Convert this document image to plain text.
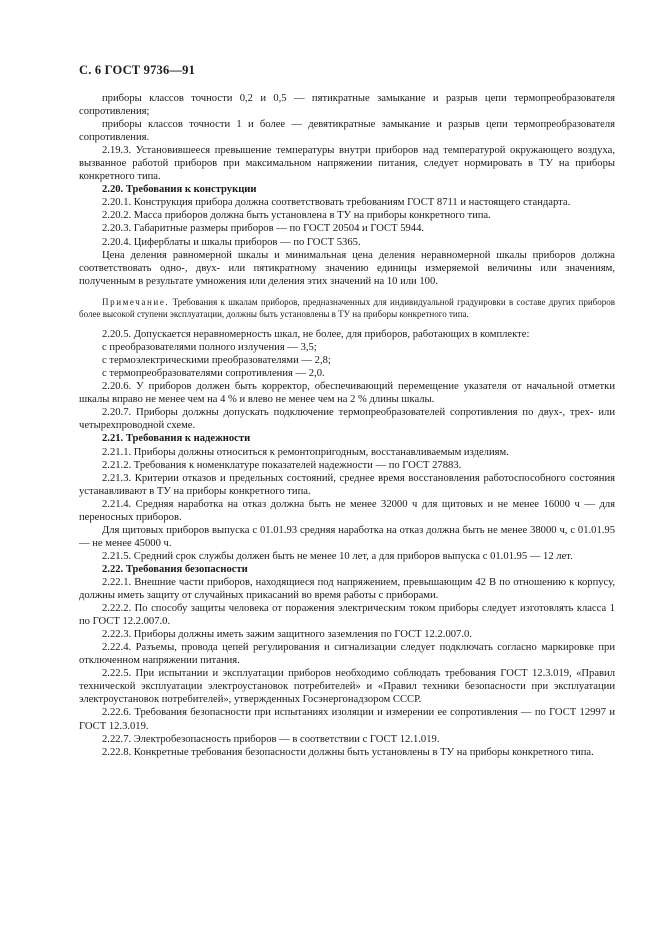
С. 6 ГОСТ 9736—91

приборы классов точности 0,2 и 0,5 — пятикратные замыкание и разрыв цепи термопреобразователя сопротивления;

приборы классов точности 1 и более — девятикратные замыкание и разрыв цепи термопреобразователя сопротивления.

2.19.3. Установившееся превышение температуры внутри приборов над температурой окружающего воздуха, вызванное работой приборов при максимальном напряжении питания, следует нормировать в ТУ на приборы конкретного типа.

2.20. Требования к конструкции

2.20.1. Конструкция прибора должна соответствовать требованиям ГОСТ 8711 и настоящего стандарта.

2.20.2. Масса приборов должна быть установлена в ТУ на приборы конкретного типа.

2.20.3. Габаритные размеры приборов — по ГОСТ 20504 и ГОСТ 5944.

2.20.4. Циферблаты и шкалы приборов — по ГОСТ 5365.

Цена деления равномерной шкалы и минимальная цена деления неравномерной шкалы приборов должна соответствовать одно-, двух- или пятикратному значению единицы измеряемой величины или значениям, полученным в результате умножения или деления этих значений на 10 или 100.

Примечание. Требования к шкалам приборов, предназначенных для индивидуальной градуировки в составе других приборов более высокой ступени эксплуатации, должны быть установлены в ТУ на приборы конкретного типа.

2.20.5. Допускается неравномерность шкал, не более, для приборов, работающих в комплекте:

с преобразователями полного излучения — 3,5;

с термоэлектрическими преобразователями — 2,8;

с термопреобразователями сопротивления — 2,0.

2.20.6. У приборов должен быть корректор, обеспечивающий перемещение указателя от начальной отметки шкалы вправо не менее чем на 4 % и влево не менее чем на 2 % длины шкалы.

2.20.7. Приборы должны допускать подключение термопреобразователей сопротивления по двух-, трех- или четырехпроводной схеме.

2.21. Требования к надежности

2.21.1. Приборы должны относиться к ремонтопригодным, восстанавливаемым изделиям.

2.21.2. Требования к номенклатуре показателей надежности — по ГОСТ 27883.

2.21.3. Критерии отказов и предельных состояний, среднее время восстановления работоспособного состояния устанавливают в ТУ на приборы конкретного типа.

2.21.4. Средняя наработка на отказ должна быть не менее 32000 ч для щитовых и не менее 16000 ч — для переносных приборов.

Для щитовых приборов выпуска с 01.01.93 средняя наработка на отказ должна быть не менее 38000 ч, с 01.01.95 — не менее 45000 ч.

2.21.5. Средний срок службы должен быть не менее 10 лет, а для приборов выпуска с 01.01.95 — 12 лет.

2.22. Требования безопасности

2.22.1. Внешние части приборов, находящиеся под напряжением, превышающим 42 В по отношению к корпусу, должны иметь защиту от случайных прикасаний во время работы с приборами.

2.22.2. По способу защиты человека от поражения электрическим током приборы следует изготовлять класса 1 по ГОСТ 12.2.007.0.

2.22.3. Приборы должны иметь зажим защитного заземления по ГОСТ 12.2.007.0.

2.22.4. Разъемы, провода цепей регулирования и сигнализации следует подключать согласно маркировке при отключенном напряжении питания.

2.22.5. При испытании и эксплуатации приборов необходимо соблюдать требования ГОСТ 12.3.019, «Правил технической эксплуатации электроустановок потребителей» и «Правил техники безопасности при эксплуатации электроустановок потребителей», утвержденных Госэнергонадзором СССР.

2.22.6. Требования безопасности при испытаниях изоляции и измерении ее сопротивления — по ГОСТ 12997 и ГОСТ 12.3.019.

2.22.7. Электробезопасность приборов — в соответствии с ГОСТ 12.1.019.

2.22.8. Конкретные требования безопасности должны быть установлены в ТУ на приборы конкретного типа.
